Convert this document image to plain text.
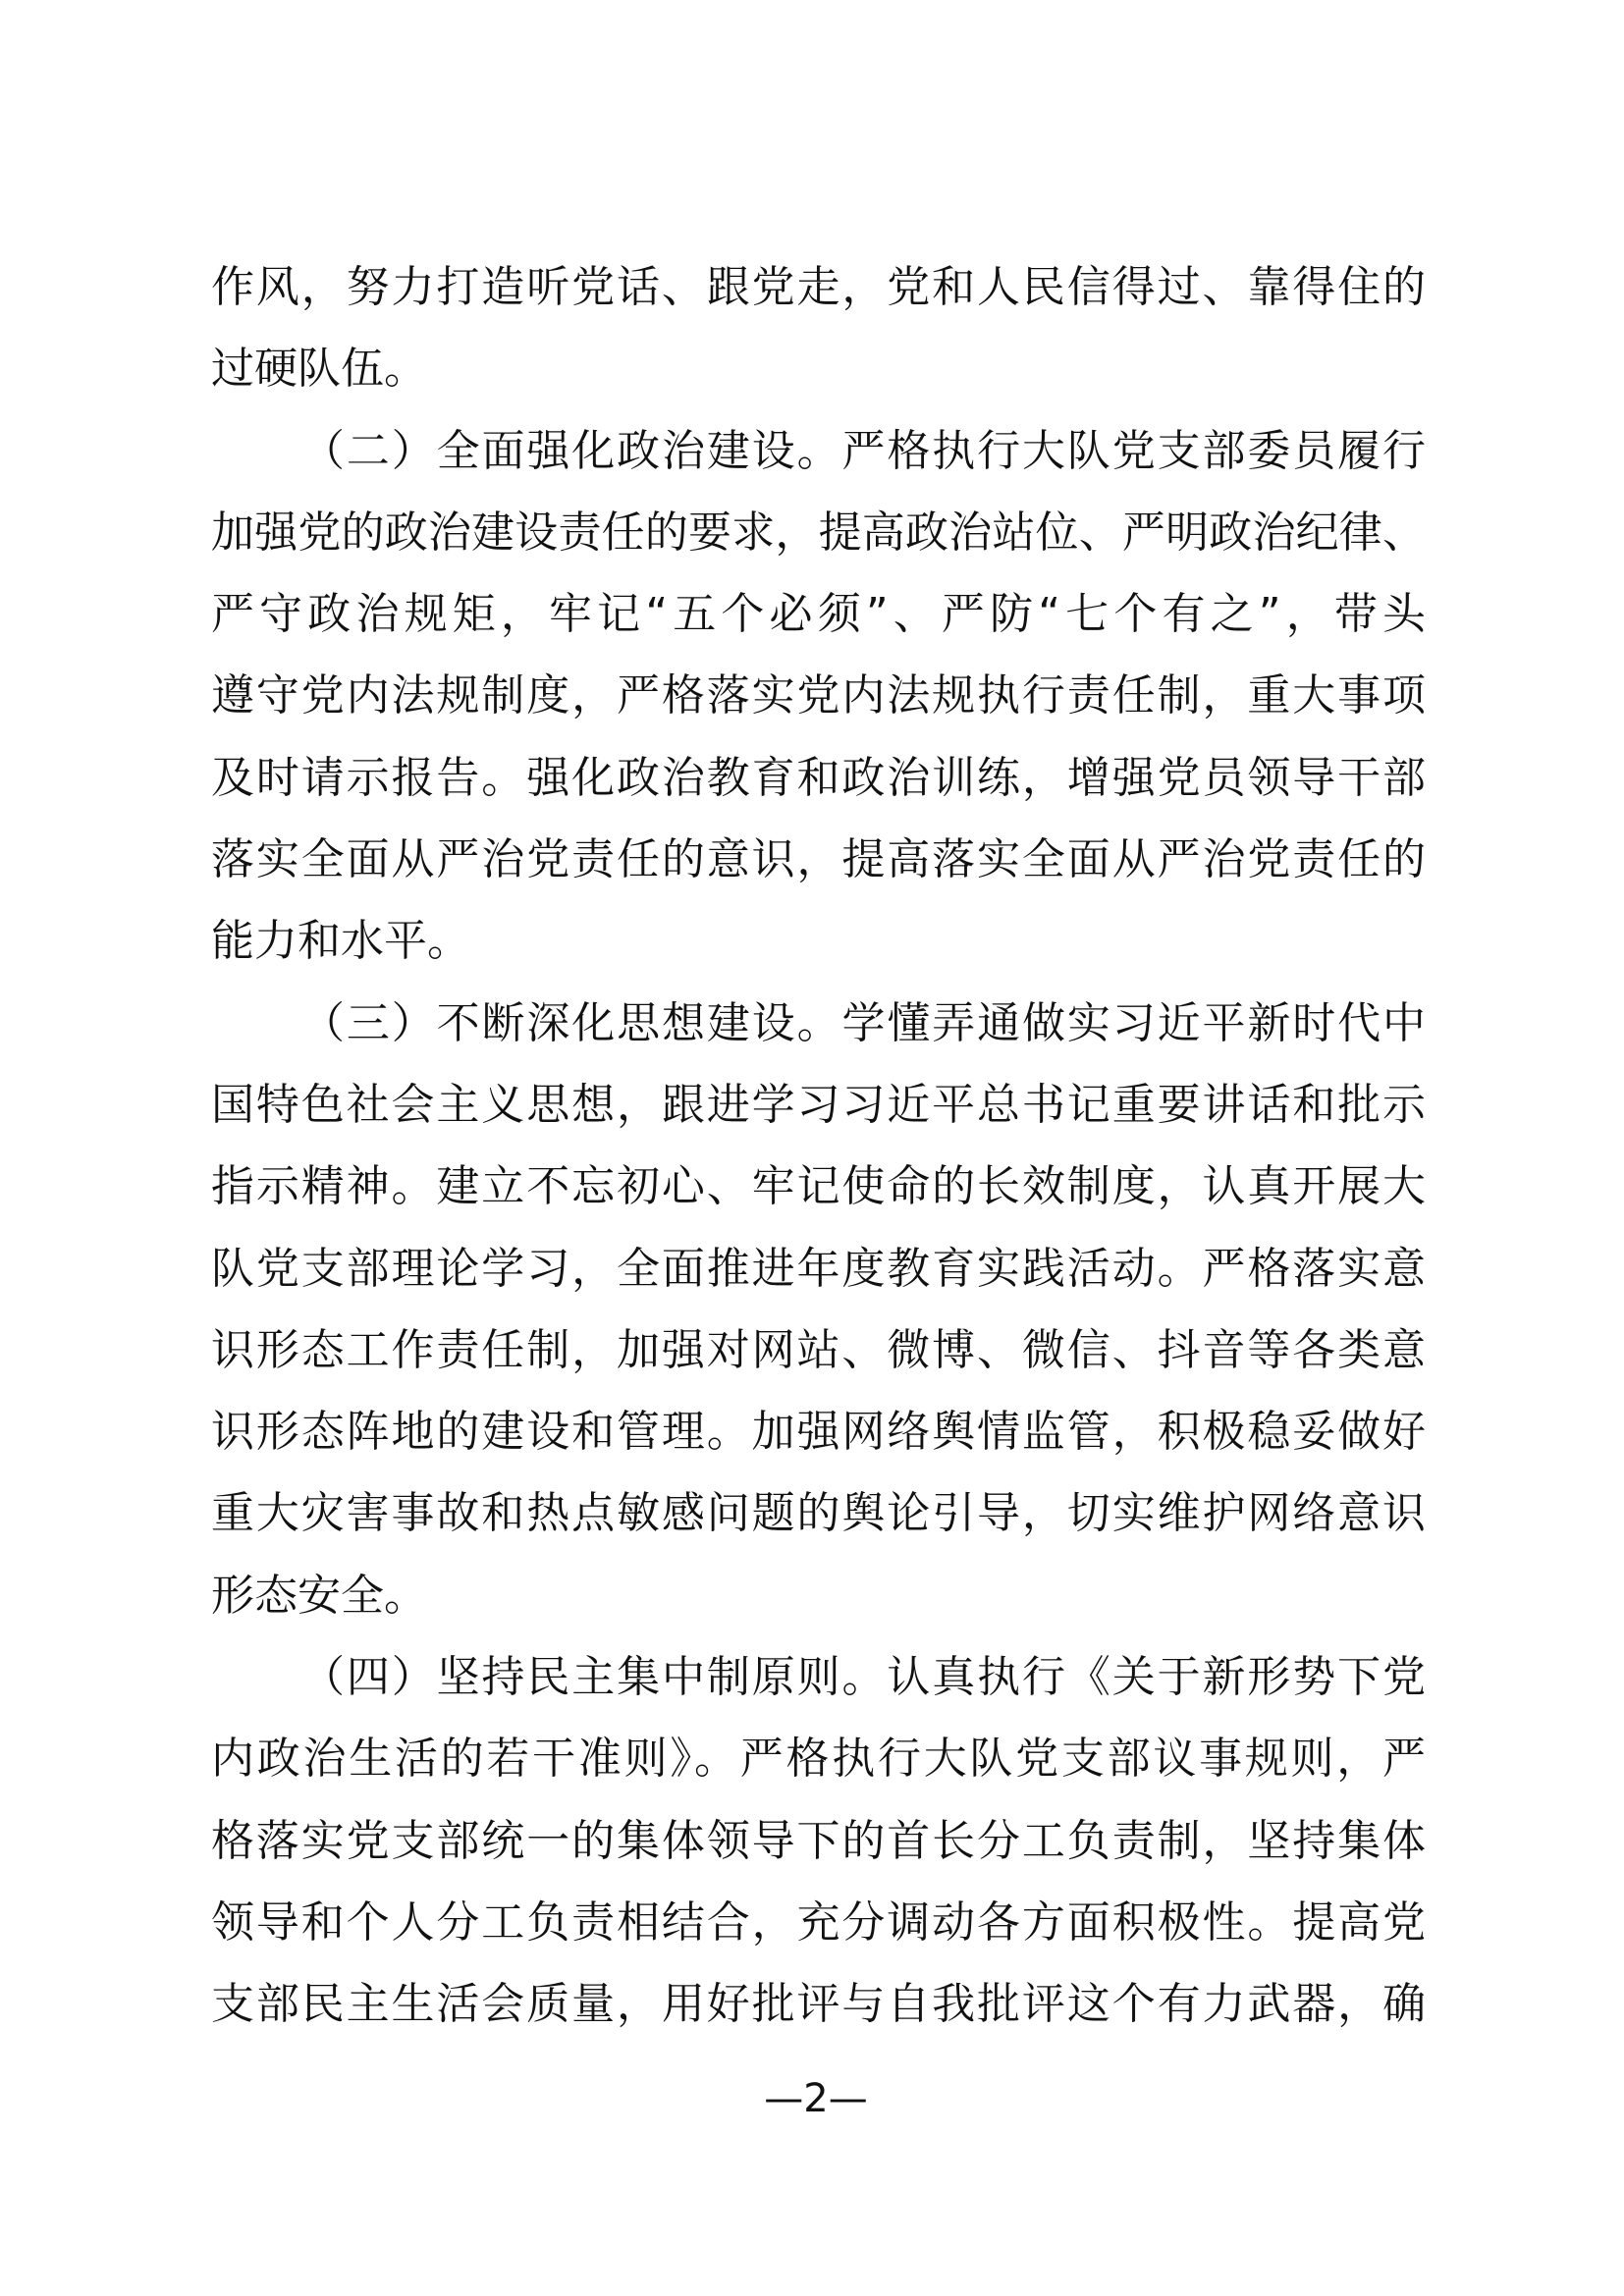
作风，努力打造听党话、跟党走，党和人民信得过、靠得住的
过硬队伍。
（二）全面强化政治建设。严格执行大队党支部委员履行
加强党的政治建设责任的要求，提高政治站位、严明政治纪律、
严守政治规矩，牢记“五个必须”、严防“七个有之”，带头
遵守党内法规制度，严格落实党内法规执行责任制，重大事项
及时请示报告。强化政治教育和政治训练，增强党员领导干部
落实全面从严治党责任的意识，提高落实全面从严治党责任的
能力和水平。
（三）不断深化思想建设。学懂弄通做实习近平新时代中
国特色社会主义思想，跟进学习习近平总书记重要讲话和批示
指示精神。建立不忘初心、牢记使命的长效制度，认真开展大
队党支部理论学习，全面推进年度教育实践活动。严格落实意
识形态工作责任制，加强对网站、微博、微信、抖音等各类意
识形态阵地的建设和管理。加强网络舆情监管，积极稳妥做好
重大灾害事故和热点敏感问题的舆论引导，切实维护网络意识
形态安全。
（四）坚持民主集中制原则。认真执行《关于新形势下党
内政治生活的若干准则》。严格执行大队党支部议事规则，严
格落实党支部统一的集体领导下的首长分工负责制，坚持集体
领导和个人分工负责相结合，充分调动各方面积极性。提高党
支部民主生活会质量，用好批评与自我批评这个有力武器，确
—2—
